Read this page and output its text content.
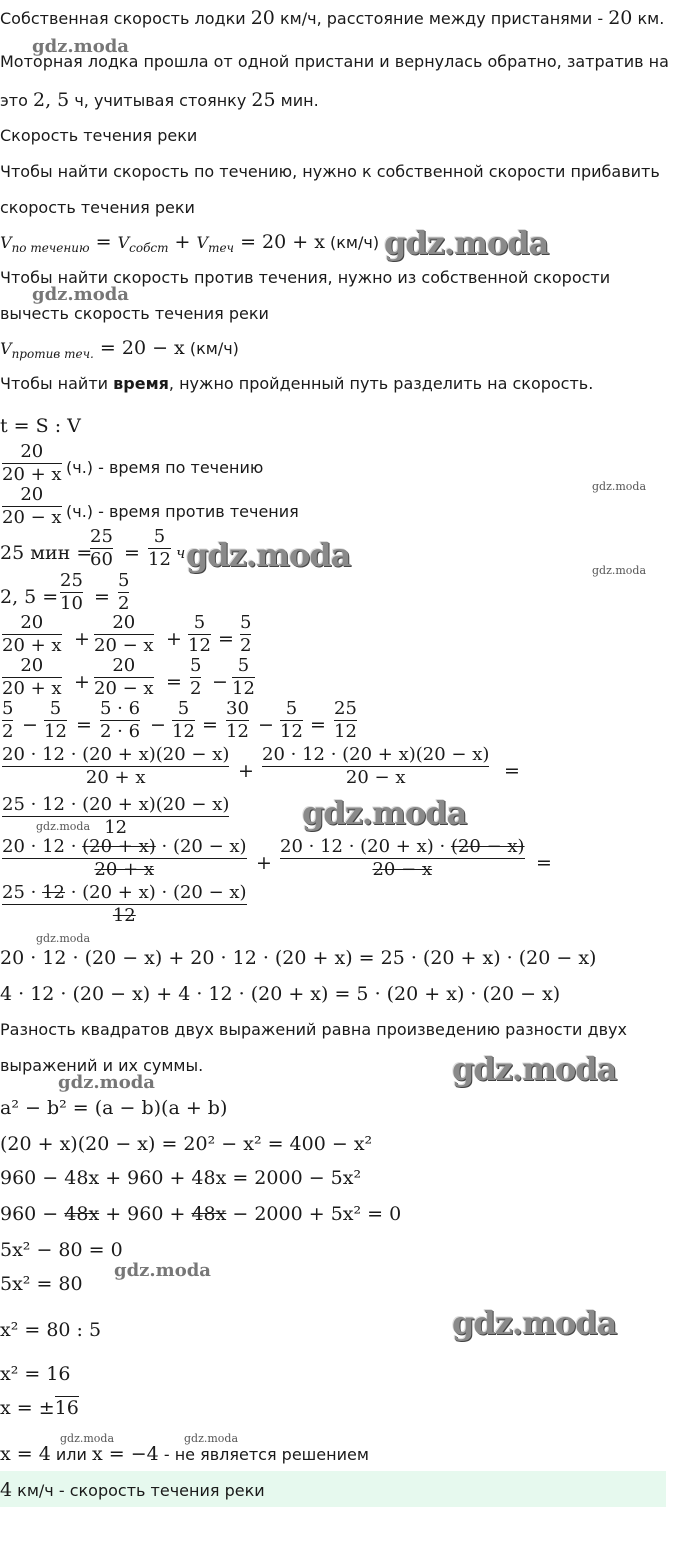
Собственная скорость лодки 20 км/ч, расстояние между пристанями - 20 км.
Моторная лодка прошла от одной пристани и вернулась обратно, затратив на
это 2, 5 ч, учитывая стоянку 25 мин.
Скорость течения реки
Чтобы найти скорость по течению, нужно к собственной скорости прибавить
скорость течения реки
$V_{по течению} = V_{собст} + V_{теч} = 20 + x$ (км/ч)
Чтобы найти скорость против течения, нужно из собственной скорости
вычесть скорость течения реки
$V_{против теч.} = 20 - x$ (км/ч)
Чтобы найти время, нужно пройденный путь разделить на скорость.
t = S : V
20
20 + x (ч.) - время по течению
20
20 − x (ч.) - время против течения
25 мин =
25
60 =
5
12 ч
2, 5 =
25
10 =
5
2
20
20 + x +
20
20 − x +
5
12 =
5
2
20
20 + x +
20
20 − x =
5
2 −
5
12
5
2 −
5
12 =
5 · 6
2 · 6 −
5
12 =
30
12 −
5
12 =
25
12
20 · 12 · (20 + x)(20 − x)
20 + x	+
20 · 12 · (20 + x)(20 − x)
20 − x	=
25 · 12 · (20 + x)(20 − x)
12
20 · 12 · (20 + x) · (20 − x)
20 + x	+
20 · 12 · (20 + x) · (20 − x)
20 − x	=
25 · 12 · (20 + x) · (20 − x)
12
20 · 12 · (20 − x) + 20 · 12 · (20 + x) = 25 · (20 + x) · (20 − x)
4 · 12 · (20 − x) + 4 · 12 · (20 + x) = 5 · (20 + x) · (20 − x)
Разность квадратов двух выражений равна произведению разности двух
выражений и их суммы.
a² − b² = (a − b)(a + b)
(20 + x)(20 − x) = 20² − x² = 400 − x²
960 − 48x + 960 + 48x = 2000 − 5x²
960 − 48x + 960 + 48x − 2000 + 5x² = 0
5x² − 80 = 0
5x² = 80
x² = 80 : 5
x² = 16
x = ±16
x = 4 или x = −4 - не является решением
4 км/ч - скорость течения реки
gdz.moda
gdz.moda
gdz.moda
gdz.moda
gdz.moda	gdz.moda
gdz.moda
gdz.moda
gdz.moda
gdz.moda
gdz.moda
gdz.moda
gdz.moda
gdz.moda	gdz.moda
